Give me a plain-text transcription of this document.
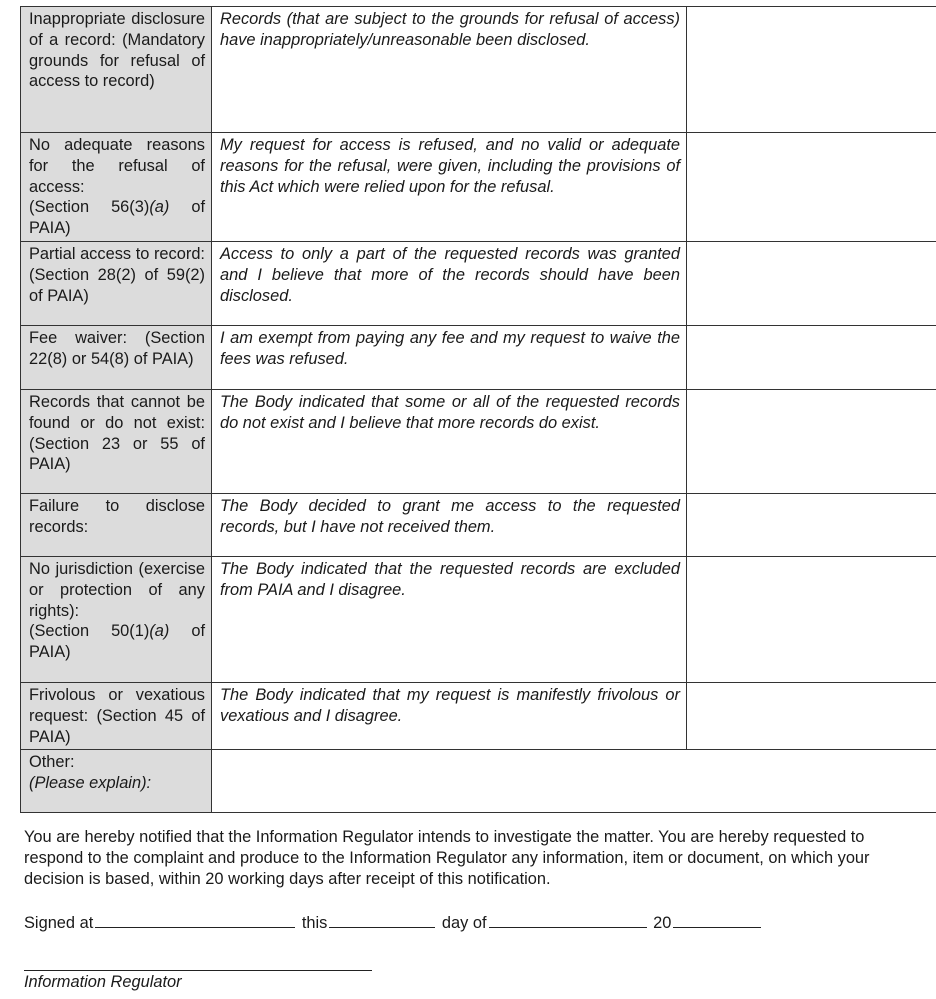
Inappropriate disclosure of a record: (Mandatory grounds for refusal of access to record)	Records (that are subject to the grounds for refusal of access) have inappropriately/unreasonable been disclosed.	
No adequate reasons for the refusal of access:
(Section 56(3)(a) of PAIA)	My request for access is refused, and no valid or adequate reasons for the refusal, were given, including the provisions of this Act which were relied upon for the refusal.	
Partial access to record: (Section 28(2) of 59(2) of PAIA)	Access to only a part of the requested records was granted and I believe that more of the records should have been disclosed.	
Fee waiver: (Section 22(8) or 54(8) of PAIA)	I am exempt from paying any fee and my request to waive the fees was refused.	
Records that cannot be found or do not exist: (Section 23 or 55 of PAIA)	The Body indicated that some or all of the requested records do not exist and I believe that more records do exist.	
Failure to disclose records:	The Body decided to grant me access to the requested records, but I have not received them.	
No jurisdiction (exercise or protection of any rights):
(Section 50(1)(a) of PAIA)	The Body indicated that the requested records are excluded from PAIA and I disagree.	
Frivolous or vexatious request: (Section 45 of PAIA)	The Body indicated that my request is manifestly frivolous or vexatious and I disagree.	
Other:
(Please explain):		
You are hereby notified that the Information Regulator intends to investigate the matter. You are hereby requested to respond to the complaint and produce to the Information Regulator any information, item or document, on which your decision is based, within 20 working days after receipt of this notification.
Signed at	this	day of	20
Information Regulator
